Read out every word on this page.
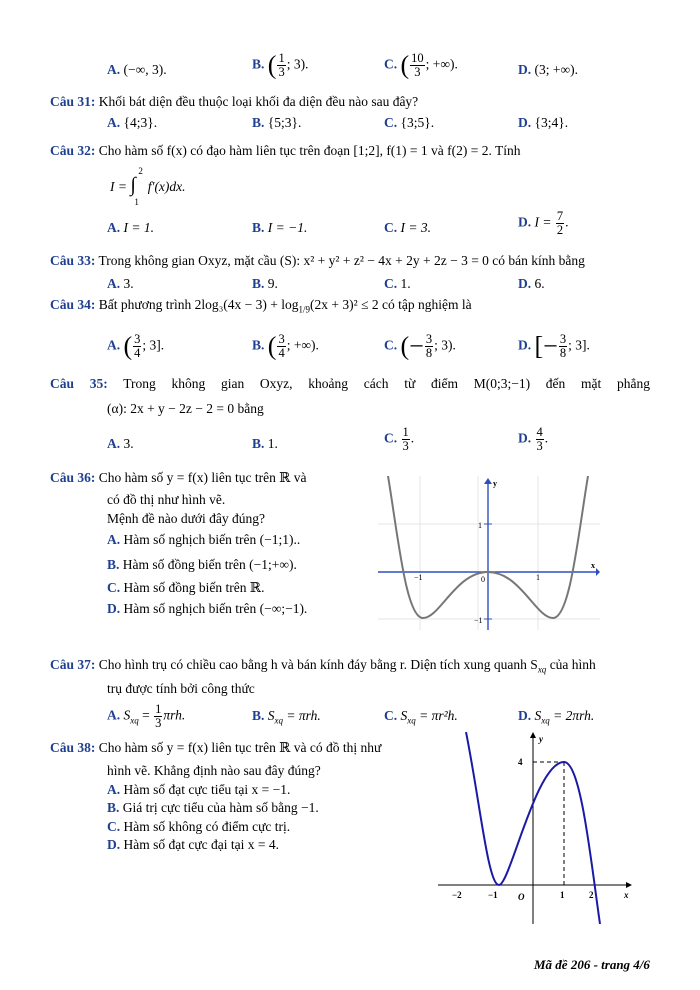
A. (−∞, 3).	B. ( $\frac{1}{3}$ ; 3).	C. ( $\frac{10}{3}$ ; +∞).	D. (3; +∞).
Câu 31: Khối bát diện đều thuộc loại khối đa diện đều nào sau đây?
A. {4;3}.	B. {5;3}.	C. {3;5}.	D. {3;4}.
Câu 32: Cho hàm số f(x) có đạo hàm liên tục trên đoạn [1;2], f(1) = 1 và f(2) = 2. Tính
I =
2
∫
1
f′(x)dx.
A. I = 1.	B. I = −1.	C. I = 3.	D. $I = \frac{7}{2}$ .
Câu 33: Trong không gian Oxyz, mặt cầu (S): x² + y² + z² − 4x + 2y + 2z − 3 = 0 có bán kính bằng
A. 3.	B. 9.	C. 1.	D. 6.
Câu 34: Bất phương trình $2\log_3(4x - 3) + \log_{1/9}(2x + 3)^2 \le 2$ có tập nghiệm là
A. ( $\frac{3}{4}$ ; 3].	B. ( $\frac{3}{4}$ ; +∞).	C. (− $\frac{3}{8}$ ; 3).	D. [− $\frac{3}{8}$ ; 3].
Câu 35: Trong không gian Oxyz, khoảng cách từ điểm M(0;3;−1) đến mặt phẳng
(α): 2x + y − 2z − 2 = 0 bằng
A. 3.	B. 1.	C. $\frac{1}{3}$ .	D. $\frac{4}{3}$ .
Câu 36: Cho hàm số y = f(x) liên tục trên ℝ và
có đồ thị như hình vẽ.
Mệnh đề nào dưới đây đúng?
A. Hàm số nghịch biến trên (−1;1)..
B. Hàm số đồng biến trên (−1;+∞).
C. Hàm số đồng biến trên ℝ.
D. Hàm số nghịch biến trên (−∞;−1).
y
x
1
−1
−1	1
0
Câu 37: Cho hình trụ có chiều cao bằng h và bán kính đáy bằng r. Diện tích xung quanh $S_{xq}$ của hình
trụ được tính bởi công thức
A. $S_{xq} = \frac{1}{3} \pi rh$.	B. $S_{xq} = \pi rh$.	C. $S_{xq} = \pi r^2h$.	D. $S_{xq} = 2\pi rh$.
Câu 38: Cho hàm số y = f(x) liên tục trên ℝ và có đồ thị như
hình vẽ. Khẳng định nào sau đây đúng?
A. Hàm số đạt cực tiểu tại x = −1.
B. Giá trị cực tiểu của hàm số bằng −1.
C. Hàm số không có điểm cực trị.
D. Hàm số đạt cực đại tại x = 4.
y
x
4
−2	−1 O	1	2
Mã đề 206 - trang 4/6
